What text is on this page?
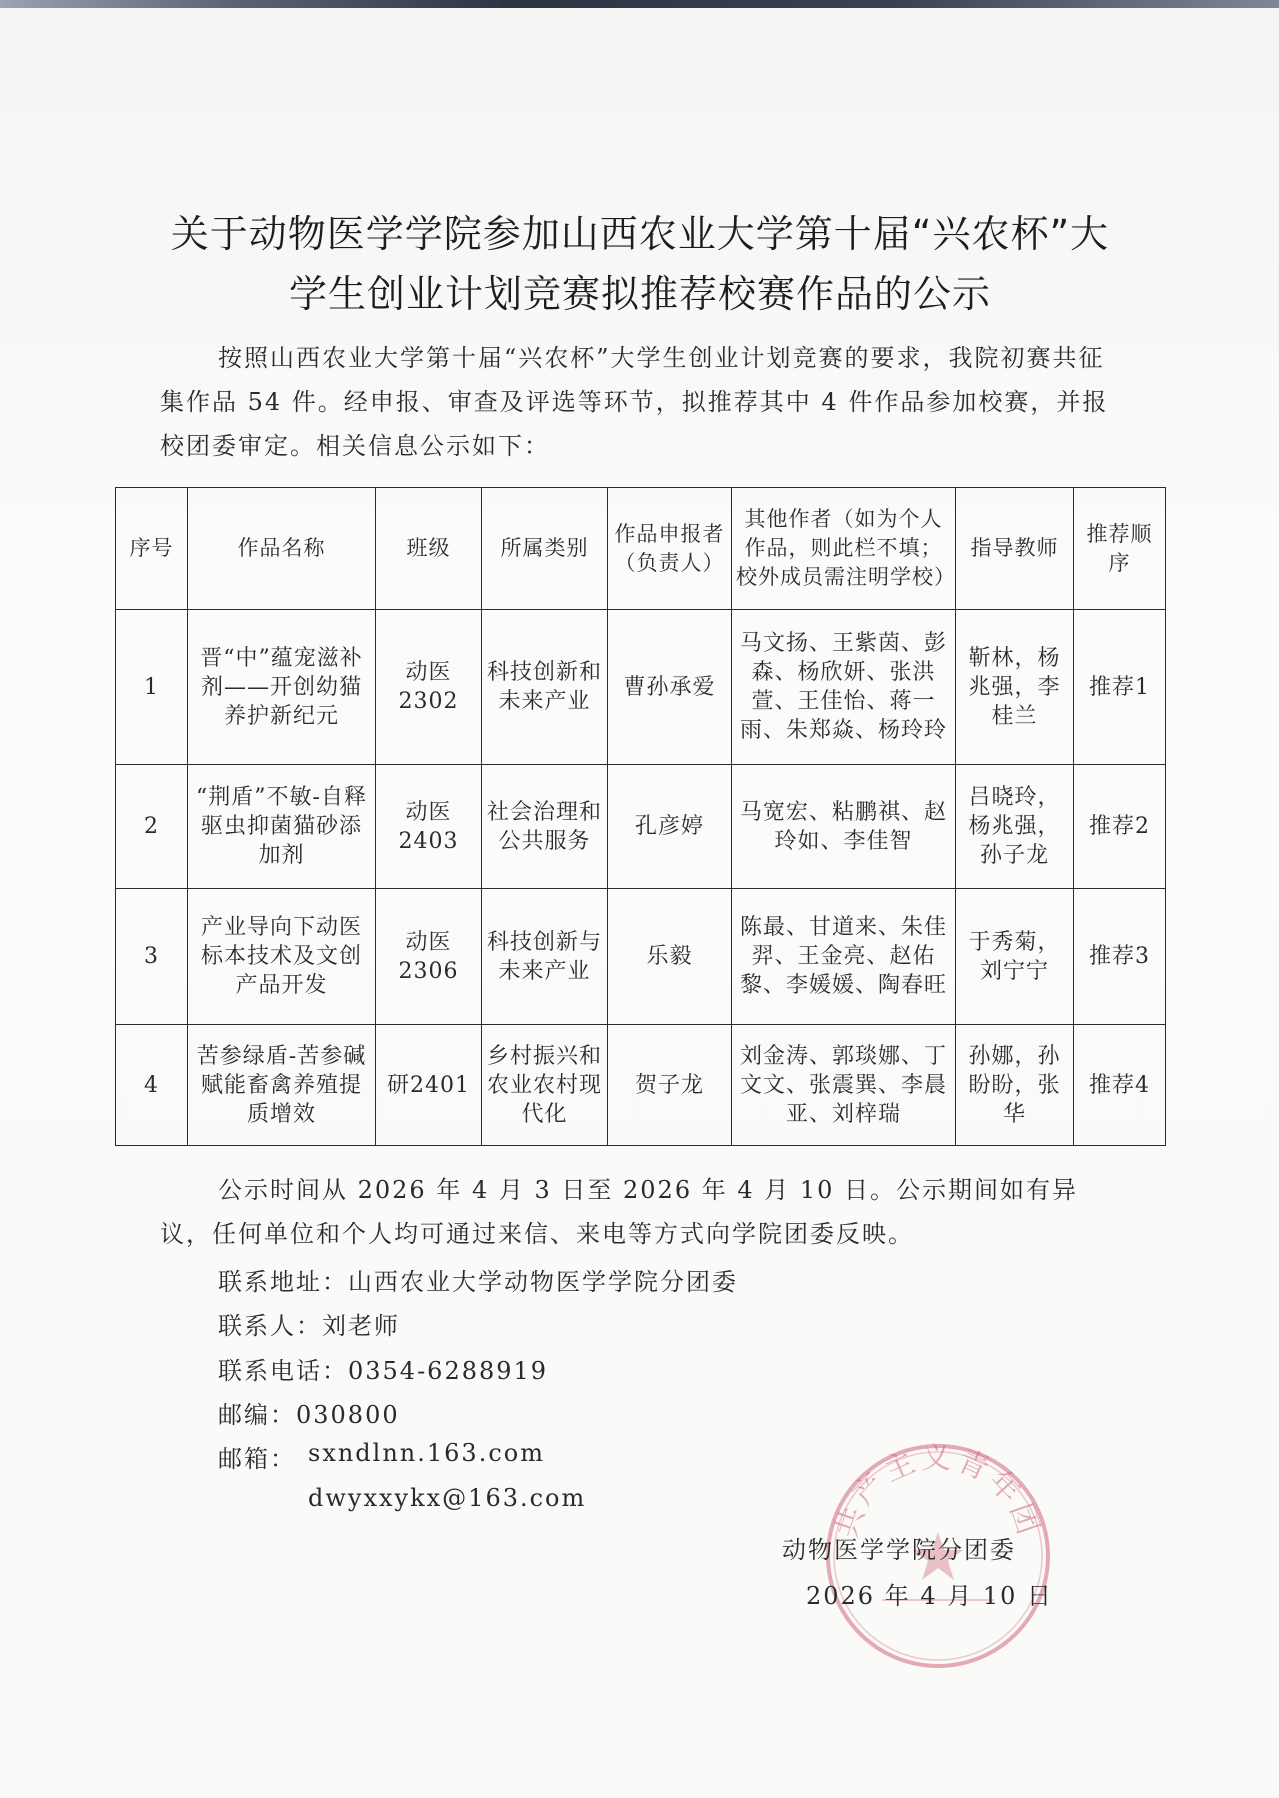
关于动物医学学院参加山西农业大学第十届“兴农杯”大
学生创业计划竞赛拟推荐校赛作品的公示
按照山西农业大学第十届“兴农杯”大学生创业计划竞赛的要求，我院初赛共征集作品 54 件。经申报、审查及评选等环节，拟推荐其中 4 件作品参加校赛，并报校团委审定。相关信息公示如下：
序号	作品名称	班级	所属类别	作品申报者（负责人）	其他作者（如为个人作品，则此栏不填；校外成员需注明学校）	指导教师	推荐顺序
1	晋“中”蕴宠滋补剂——开创幼猫养护新纪元	动医2302	科技创新和未来产业	曹孙承爱	马文扬、王紫茵、彭森、杨欣妍、张洪萱、王佳怡、蒋一雨、朱郑焱、杨玲玲	靳林，杨兆强，李桂兰	推荐1
2	“荆盾”不敏-自释驱虫抑菌猫砂添加剂	动医2403	社会治理和公共服务	孔彦婷	马宽宏、粘鹏祺、赵玲如、李佳智	吕晓玲，杨兆强，孙子龙	推荐2
3	产业导向下动医标本技术及文创产品开发	动医2306	科技创新与未来产业	乐毅	陈最、甘道来、朱佳羿、王金亮、赵佑黎、李媛媛、陶春旺	于秀菊，刘宁宁	推荐3
4	苦参绿盾-苦参碱赋能畜禽养殖提质增效	研2401	乡村振兴和农业农村现代化	贺子龙	刘金涛、郭琰娜、丁文文、张震巽、李晨亚、刘梓瑞	孙娜，孙盼盼，张华	推荐4
公示时间从 2026 年 4 月 3 日至 2026 年 4 月 10 日。公示期间如有异议，任何单位和个人均可通过来信、来电等方式向学院团委反映。
联系地址：山西农业大学动物医学学院分团委
联系人：刘老师
联系电话：0354-6288919
邮编：030800
邮箱： sxndlnn.163.com
dwyxxykx@163.com
共产主义青年团
动物医学学院分团委
2026 年 4 月 10 日
